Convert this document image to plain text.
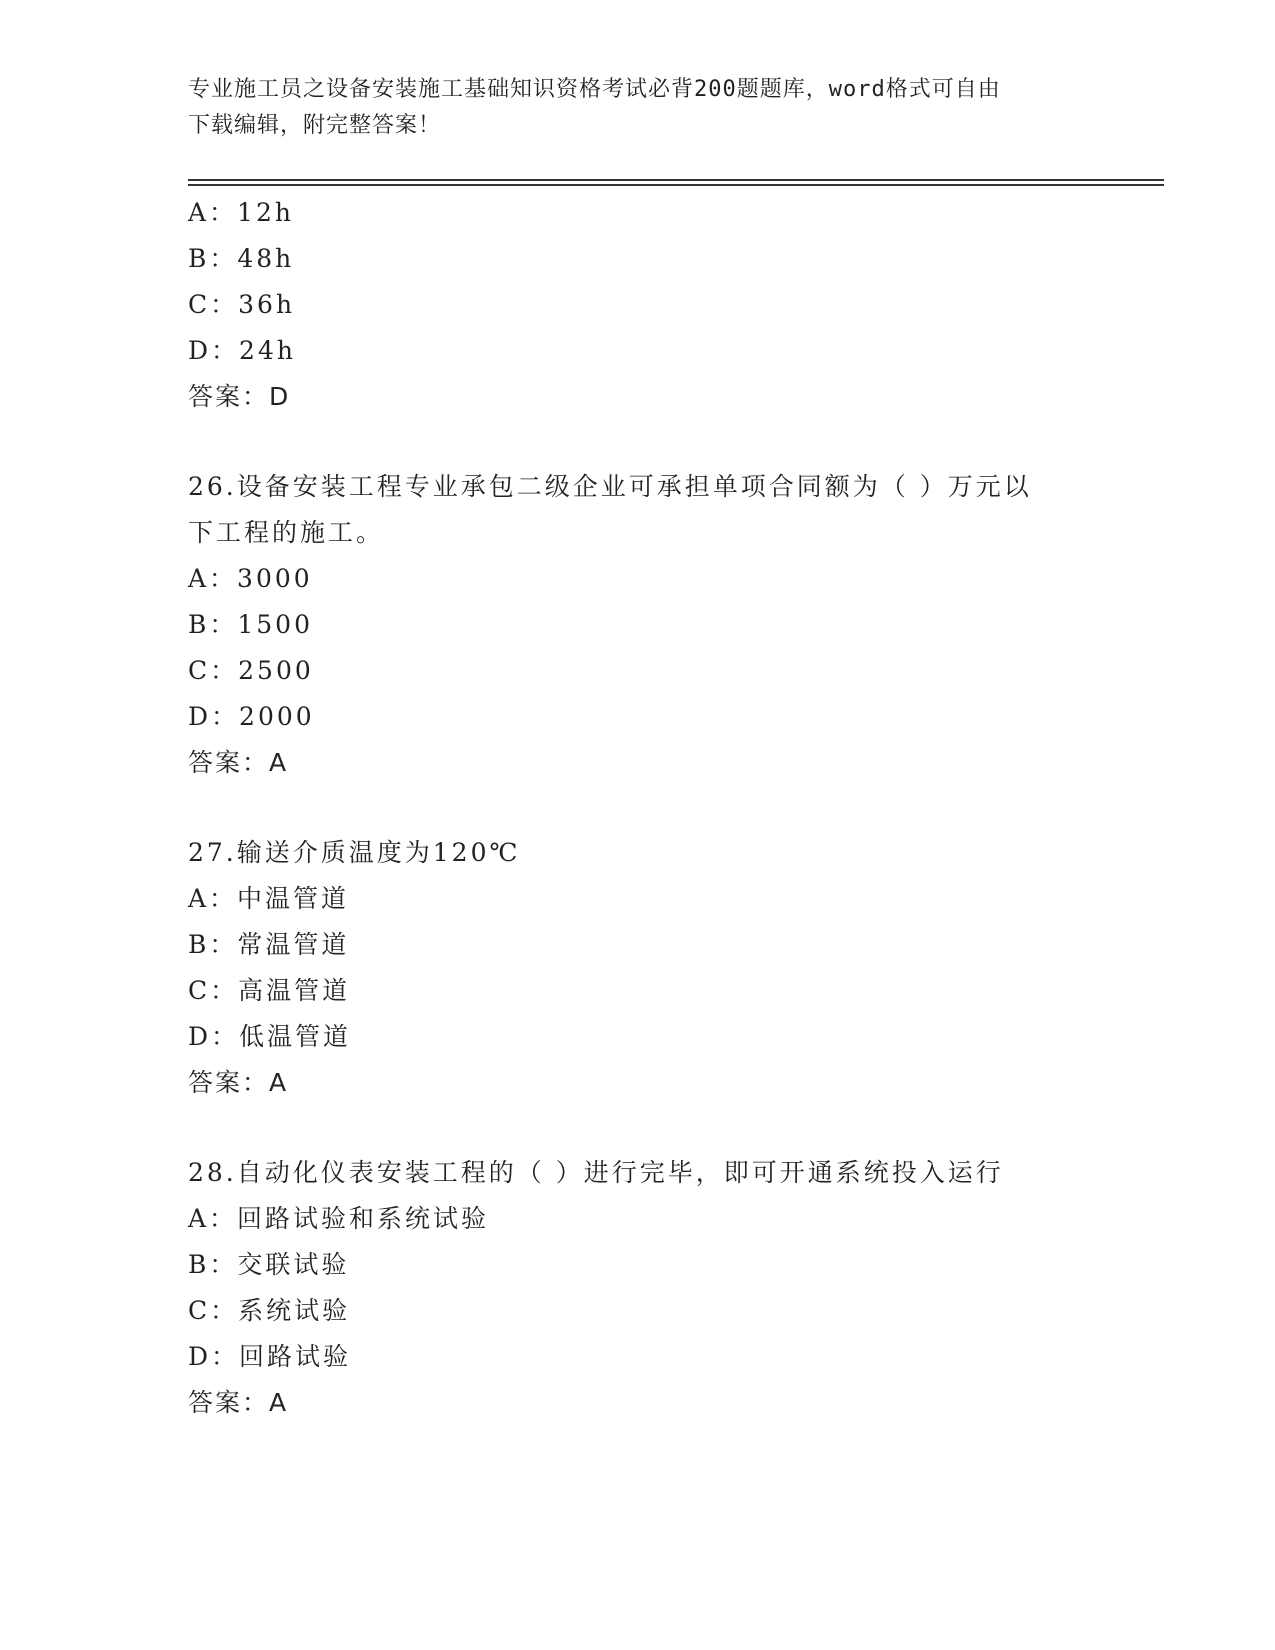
专业施工员之设备安装施工基础知识资格考试必背200题题库，word格式可自由
下载编辑，附完整答案！
A：12h
B：48h
C：36h
D：24h
答案：D
26.设备安装工程专业承包二级企业可承担单项合同额为（ ）万元以
下工程的施工。
A：3000
B：1500
C：2500
D：2000
答案：A
27.输送介质温度为120℃
A：中温管道
B：常温管道
C：高温管道
D：低温管道
答案：A
28.自动化仪表安装工程的（ ）进行完毕，即可开通系统投入运行
A：回路试验和系统试验
B：交联试验
C：系统试验
D：回路试验
答案：A
